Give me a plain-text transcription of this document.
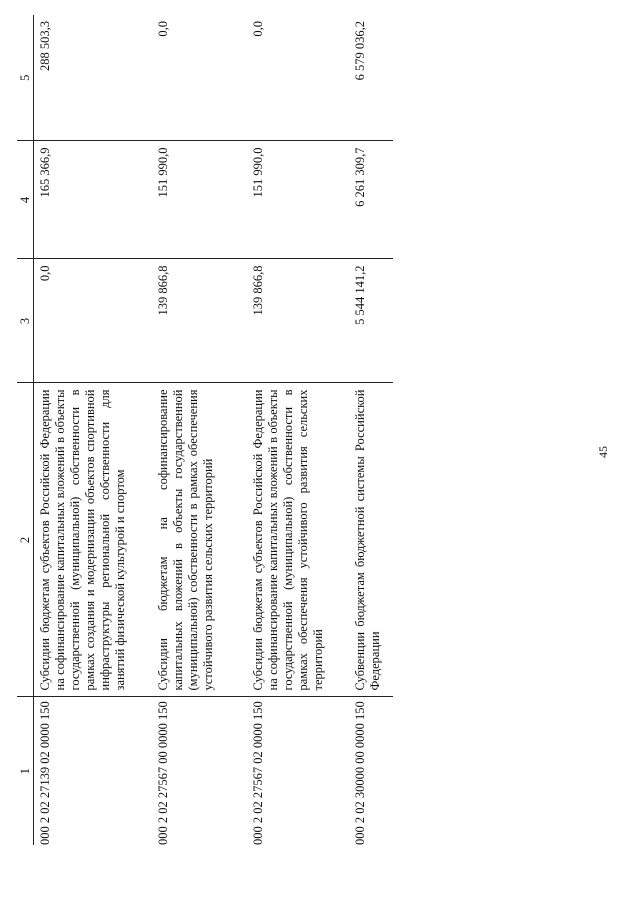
45
1	2	3	4	5
000 2 02 27139 02 0000 150	Субсидии бюджетам субъектов Российской Федерации на софинансирование капитальных вложений в объекты государственной (муниципальной) собственности в рамках создания и модернизации объектов спортивной инфраструктуры региональной собственности для занятий физической культурой и спортом	0,0	165 366,9	288 503,3
000 2 02 27567 00 0000 150	Субсидии бюджетам на софинансирование капитальных вложений в объекты государственной (муниципальной) собственности в рамках обеспечения устойчивого развития сельских территорий	139 866,8	151 990,0	0,0
000 2 02 27567 02 0000 150	Субсидии бюджетам субъектов Российской Федерации на софинансирование капитальных вложений в объекты государственной (муниципальной) собственности в рамках обеспечения устойчивого развития сельских территорий	139 866,8	151 990,0	0,0
000 2 02 30000 00 0000 150	Субвенции бюджетам бюджетной системы Российской Федерации	5 544 141,2	6 261 309,7	6 579 036,2
